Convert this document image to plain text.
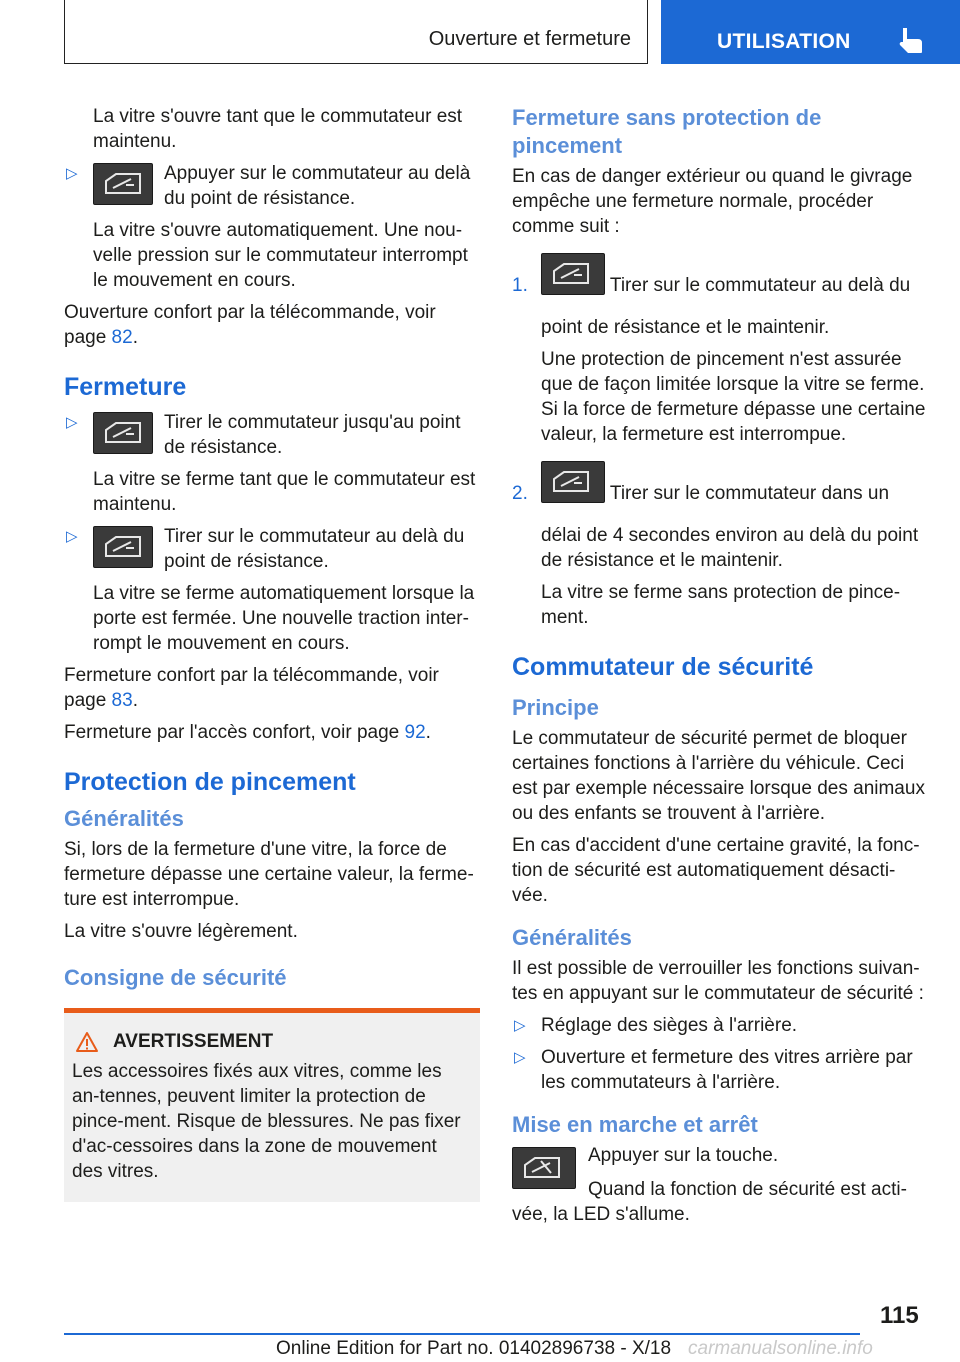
Ouverture et fermeture	UTILISATION

La vitre s'ouvre tant que le commutateur est maintenu.

▷	Appuyer sur le commutateur au delà du point de résistance.

La vitre s'ouvre automatiquement. Une nou-velle pression sur le commutateur interrompt le mouvement en cours.

Ouverture confort par la télécommande, voir page 82.

Fermeture
▷	Tirer le commutateur jusqu'au point de résistance.

La vitre se ferme tant que le commutateur est maintenu.

▷	Tirer sur le commutateur au delà du point de résistance.

La vitre se ferme automatiquement lorsque la porte est fermée. Une nouvelle traction inter-rompt le mouvement en cours.

Fermeture confort par la télécommande, voir page 83.

Fermeture par l'accès confort, voir page 92.

Protection de pincement
Généralités

Si, lors de la fermeture d'une vitre, la force de fermeture dépasse une certaine valeur, la ferme-ture est interrompue.

La vitre s'ouvre légèrement.

Consigne de sécurité
AVERTISSEMENT

Les accessoires fixés aux vitres, comme les an-tennes, peuvent limiter la protection de pince-ment. Risque de blessures. Ne pas fixer d'ac-cessoires dans la zone de mouvement des vitres.

Fermeture sans protection de pincement

En cas de danger extérieur ou quand le givrage empêche une fermeture normale, procéder comme suit :

1.	Tirer sur le commutateur au delà du point de résistance et le maintenir.

Une protection de pincement n'est assurée que de façon limitée lorsque la vitre se ferme. Si la force de fermeture dépasse une certaine valeur, la fermeture est interrompue.

2.	Tirer sur le commutateur dans un délai de 4 secondes environ au delà du point de résistance et le maintenir.

La vitre se ferme sans protection de pince-ment.

Commutateur de sécurité
Principe

Le commutateur de sécurité permet de bloquer certaines fonctions à l'arrière du véhicule. Ceci est par exemple nécessaire lorsque des animaux ou des enfants se trouvent à l'arrière.

En cas d'accident d'une certaine gravité, la fonc-tion de sécurité est automatiquement désacti-vée.

Généralités

Il est possible de verrouiller les fonctions suivan-tes en appuyant sur le commutateur de sécurité :

▷ Réglage des sièges à l'arrière.
▷ Ouverture et fermeture des vitres arrière par les commutateurs à l'arrière.
Mise en marche et arrêt

Appuyer sur la touche.

Quand la fonction de sécurité est acti-vée, la LED s'allume.

115
Online Edition for Part no. 01402896738 - X/18 carmanualsonline.info
